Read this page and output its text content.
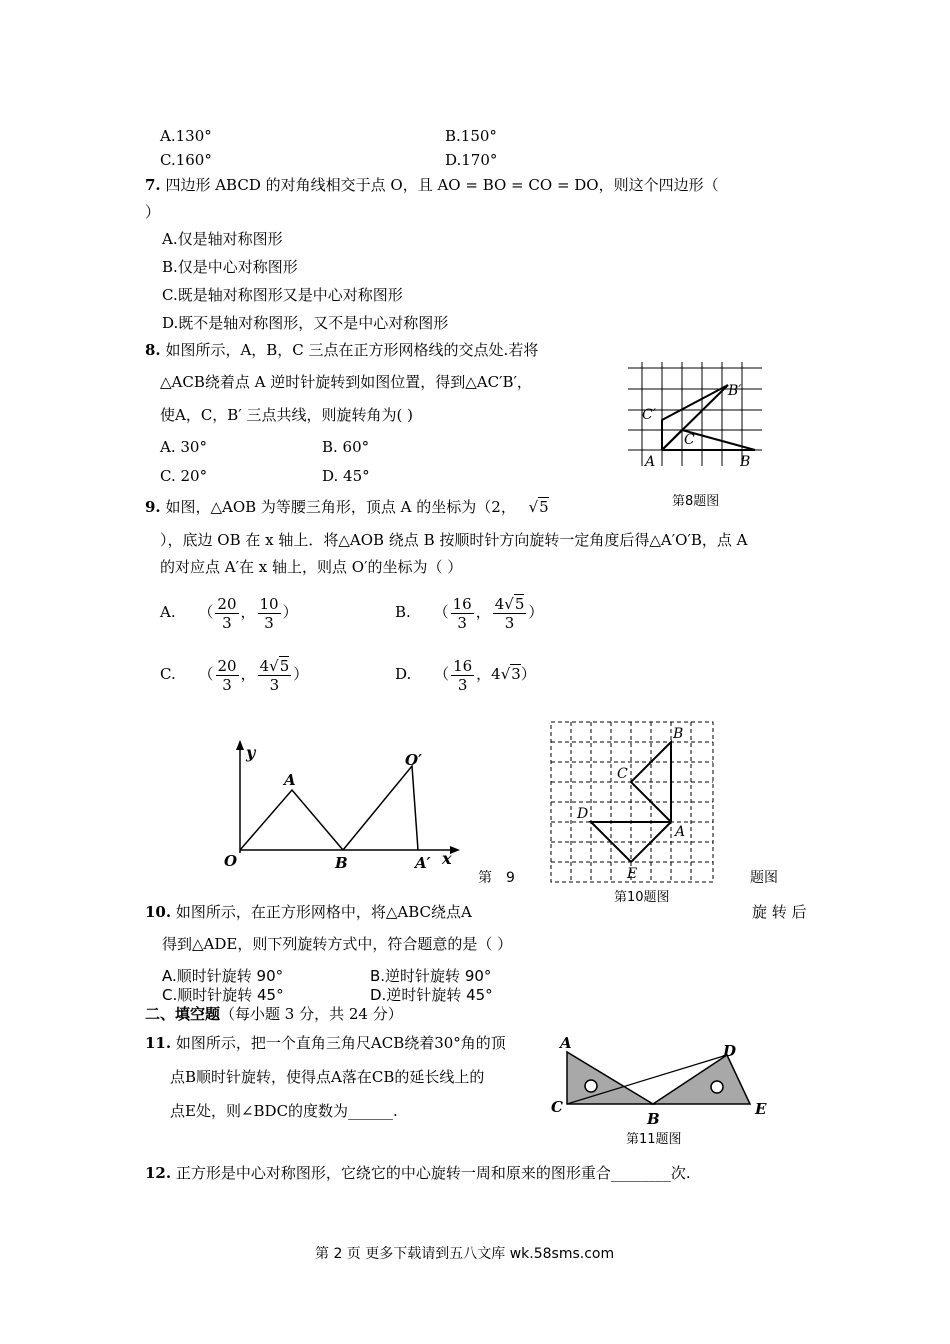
A.130°	B.150°
C.160°	D.170°
7. 四边形 ABCD 的对角线相交于点 O，且 AO = BO = CO = DO，则这个四边形（
）
A.仅是轴对称图形
B.仅是中心对称图形
C.既是轴对称图形又是中心对称图形
D.既不是轴对称图形，又不是中心对称图形
8. 如图所示，A，B，C 三点在正方形网格线的交点处.若将
△ACB绕着点 A 逆时针旋转到如图位置，得到△AC′B′，
使A，C，B′ 三点共线，则旋转角为( )
A. 30°	B. 60°
C. 20°	D. 45°
A	B
C
C′
B′
第8题图
9. 如图，△AOB 为等腰三角形，顶点 A 的坐标为（2， √5
），底边 OB 在 x 轴上．将△AOB 绕点 B 按顺时针方向旋转一定角度后得△A′O′B，点 A
的对应点 A′在 x 轴上，则点 O′的坐标为（ ）
A. （ $\frac{20}{3}$ ， $\frac{10}{3}$ ）	B. （ $\frac{16}{3}$ ， $\frac{4√5}{3}$ ）
C. （ $\frac{20}{3}$ ， $\frac{4√5}{3}$ ）	D. （ $\frac{16}{3}$ ，4√3）
y
x
O
A
B
O′
A′
第　9	题图
B
C
D
A
E
第10题图
10. 如图所示，在正方形网格中，将△ABC绕点A	旋 转 后
得到△ADE，则下列旋转方式中，符合题意的是（ ）
A.顺时针旋转 90°	B.逆时针旋转 90°
C.顺时针旋转 45°	D.逆时针旋转 45°
二、填空题（每小题 3 分，共 24 分）
11. 如图所示，把一个直角三角尺ACB绕着30°角的顶
点B顺时针旋转，使得点A落在CB的延长线上的
点E处，则∠BDC的度数为______.
A
C
B
D
E
第11题图
12. 正方形是中心对称图形，它绕它的中心旋转一周和原来的图形重合________次.
第 2 页 更多下载请到五八文库 wk.58sms.com
